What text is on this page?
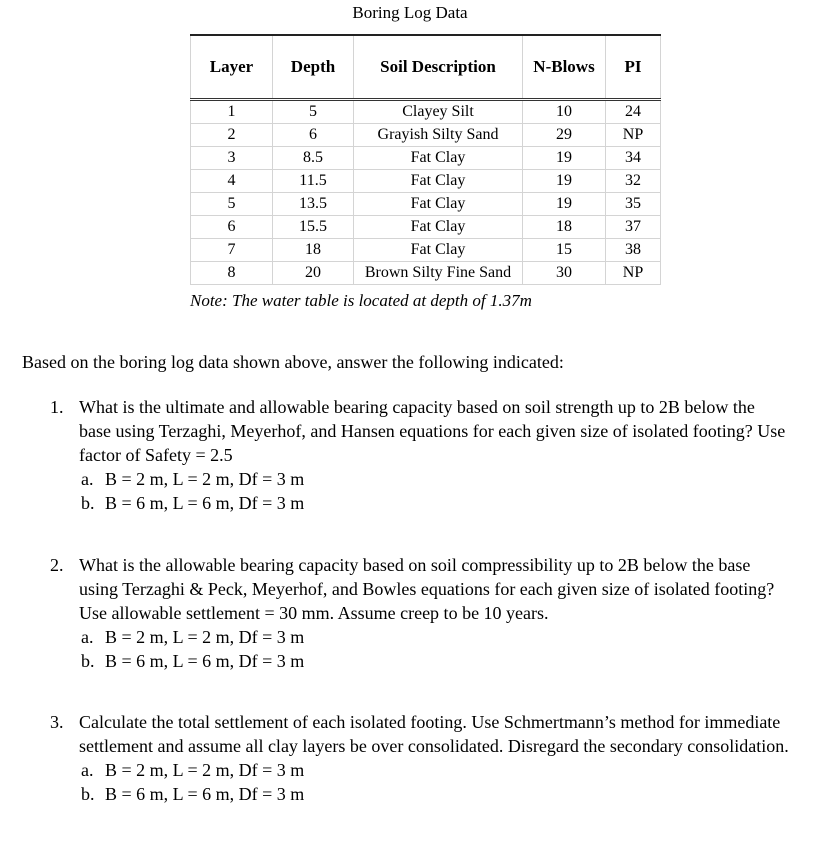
Boring Log Data
Layer	Depth	Soil Description	N-Blows	PI
1	5	Clayey Silt	10	24
2	6	Grayish Silty Sand	29	NP
3	8.5	Fat Clay	19	34
4	11.5	Fat Clay	19	32
5	13.5	Fat Clay	19	35
6	15.5	Fat Clay	18	37
7	18	Fat Clay	15	38
8	20	Brown Silty Fine Sand	30	NP
Note: The water table is located at depth of 1.37m
Based on the boring log data shown above, answer the following indicated:
1. What is the ultimate and allowable bearing capacity based on soil strength up to 2B below the base using Terzaghi, Meyerhof, and Hansen equations for each given size of isolated footing? Use factor of Safety = 2.5
a. B = 2 m, L = 2 m, Df = 3 m
b. B = 6 m, L = 6 m, Df = 3 m
2. What is the allowable bearing capacity based on soil compressibility up to 2B below the base using Terzaghi & Peck, Meyerhof, and Bowles equations for each given size of isolated footing? Use allowable settlement = 30 mm. Assume creep to be 10 years.
a. B = 2 m, L = 2 m, Df = 3 m
b. B = 6 m, L = 6 m, Df = 3 m
3. Calculate the total settlement of each isolated footing. Use Schmertmann’s method for immediate settlement and assume all clay layers be over consolidated. Disregard the secondary consolidation.
a. B = 2 m, L = 2 m, Df = 3 m
b. B = 6 m, L = 6 m, Df = 3 m
